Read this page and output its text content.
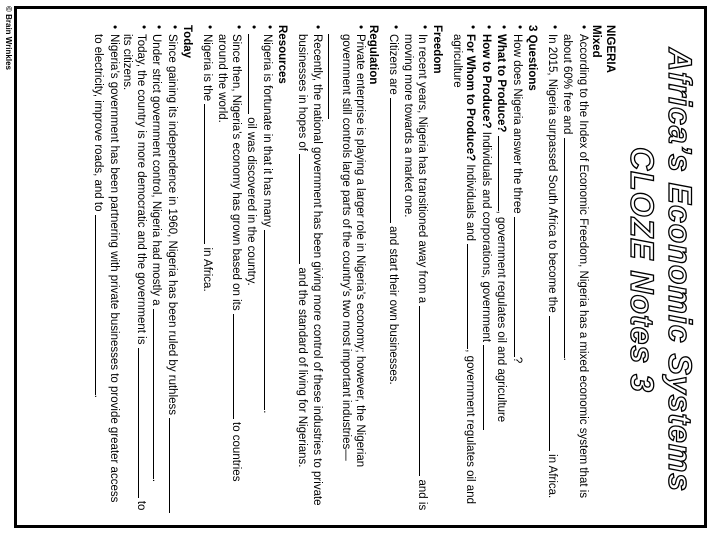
Africa’s Economic Systems
CLOZE Notes 3
NIGERIA
Mixed
• According to the Index of Economic Freedom, Nigeria has a mixed economic system that is about 60% free and .
• In 2015, Nigeria surpassed South Africa to become the  in Africa.
3 Questions
• How does Nigeria answer the three ?
• What to Produce? , government regulates oil and agriculture
• How to Produce? Individuals and corporations, government
• For Whom to Produce? Individuals and , government regulates oil and agriculture
Freedom
• In recent years, Nigeria has transitioned away from a  and is moving more towards a market one.
• Citizens are  and start their own businesses.
Regulation
• Private enterprise is playing a larger role in Nigeria’s economy; however, the Nigerian government still controls large parts of the country’s two most important industries—
• Recently, the national government has been giving more control of these industries to private businesses in hopes of  and the standard of living for Nigerians.
Resources
• Nigeria is fortunate in that it has many .
• oil was discovered in the country.
• Since then, Nigeria’s economy has grown based on its  to countries around the world.
• Nigeria is the  in Africa.
Today
• Since gaining its independence in 1960, Nigeria has been ruled by ruthless
• Under strict government control, Nigeria had mostly a .
• Today, the country is more democratic and the government is  to its citizens.
• Nigeria’s government has been partnering with private businesses to provide greater access to electricity, improve roads, and to .
© Brain Wrinkles
